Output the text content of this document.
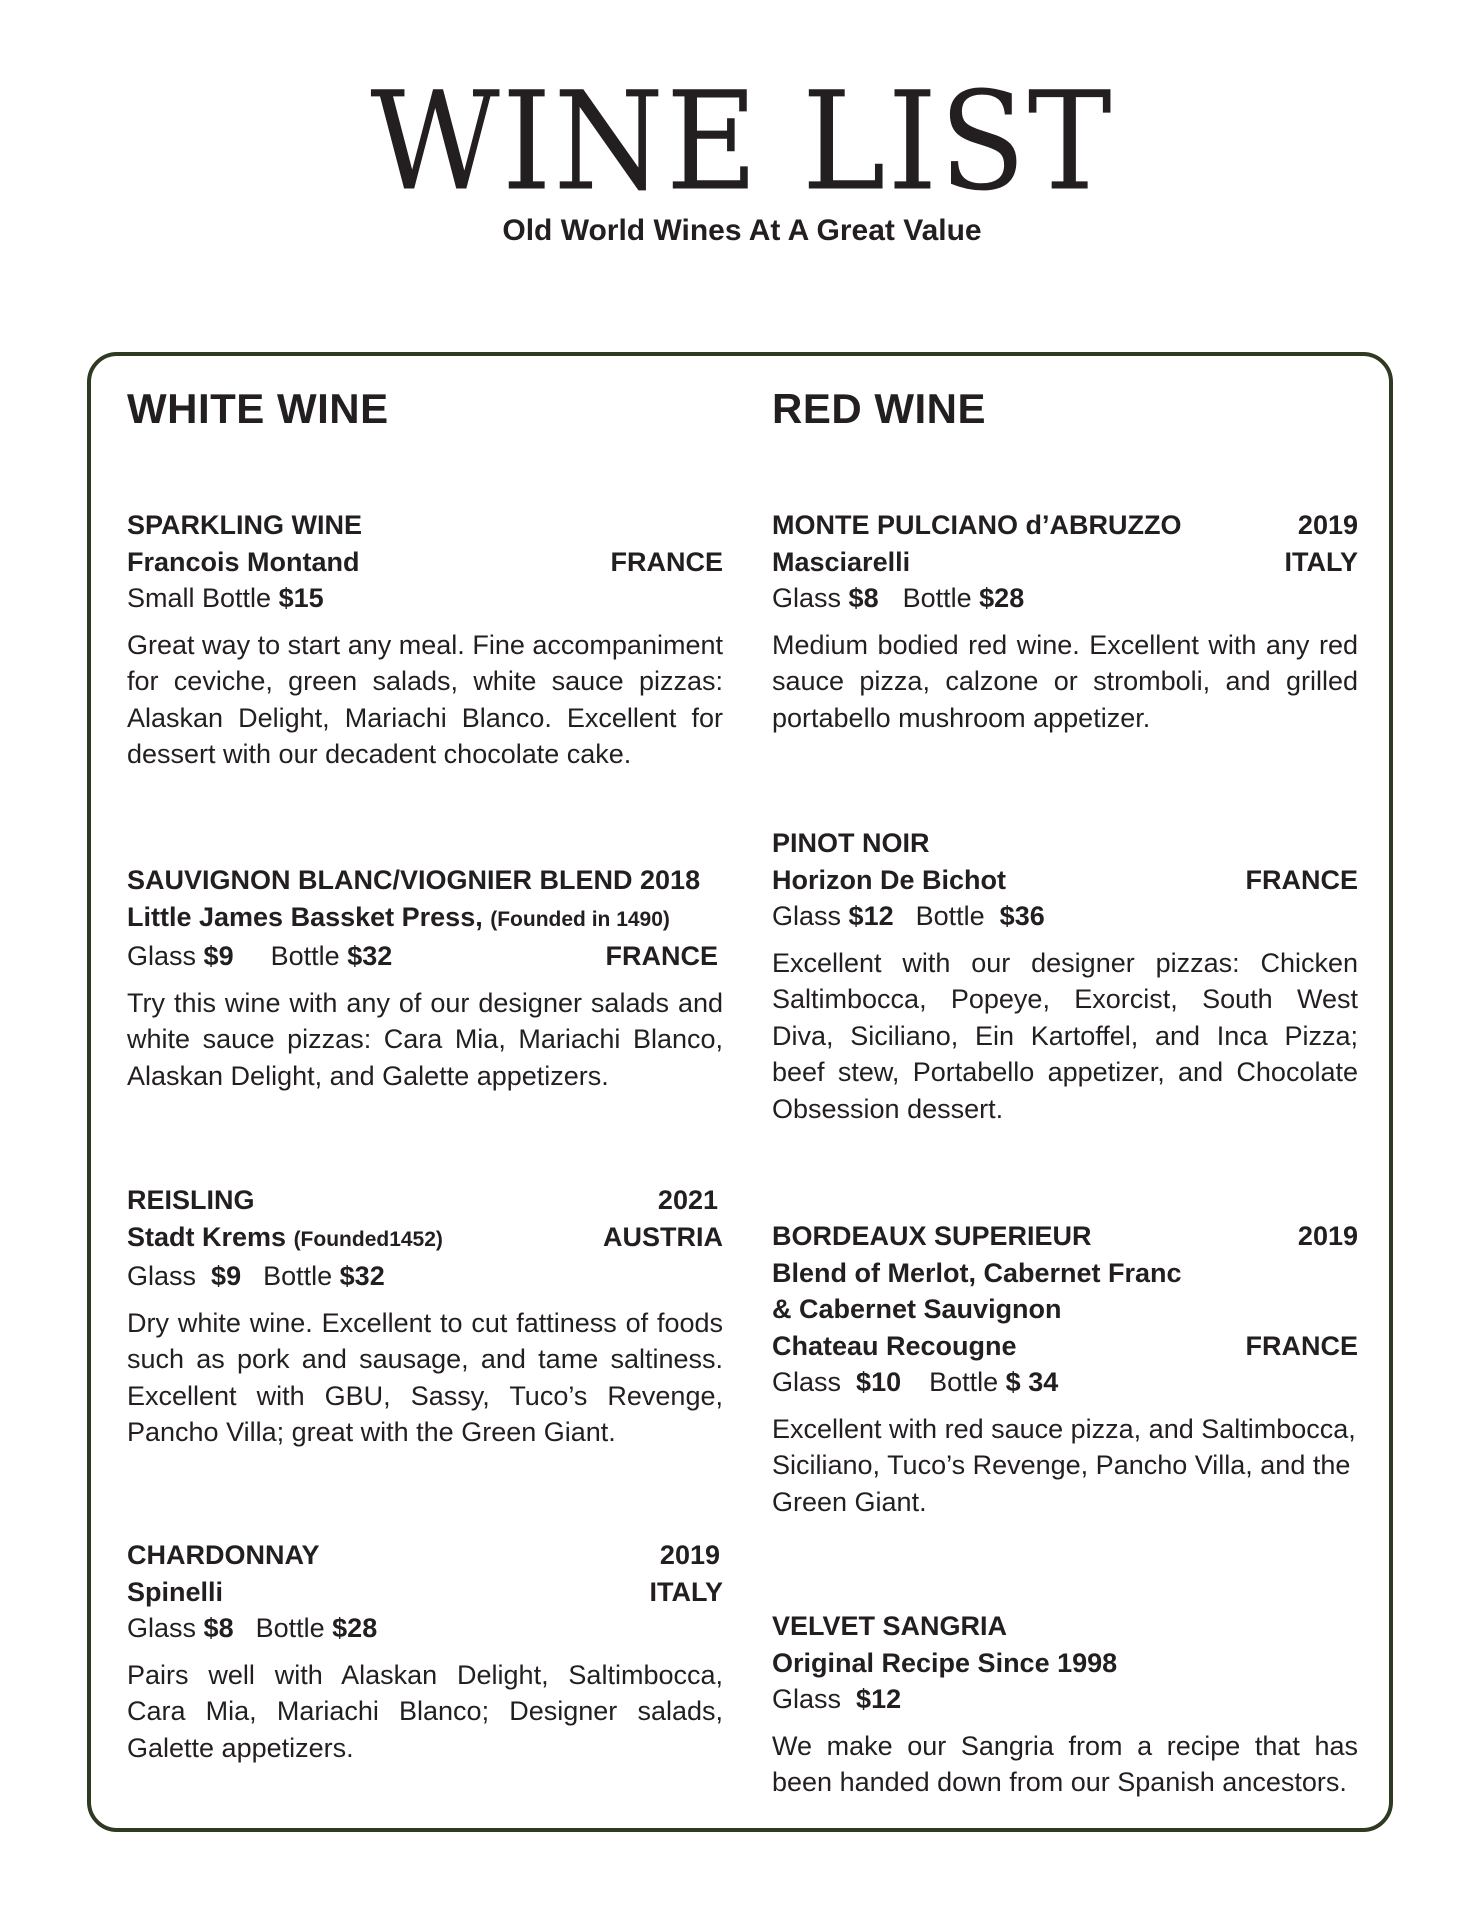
WINE LIST
Old World Wines At A Great Value
WHITE WINE	RED WINE
SPARKLING WINE
Francois Montand	FRANCE
Small Bottle
$15
Great way to start any meal. Fine accompaniment for ceviche, green salads, white sauce pizzas: Alaskan Delight, Mariachi Blanco. Excellent for dessert with our decadent chocolate cake.
SAUVIGNON BLANC/VIOGNIER BLEND 2018
Little James Bassket Press,
(Founded in 1490)
Glass $9 Bottle $32	FRANCE
Try this wine with any of our designer salads and white sauce pizzas: Cara Mia, Mariachi Blanco, Alaskan Delight, and Galette appetizers.
REISLING	2021
Stadt Krems (Founded1452)	AUSTRIA
Glass
$9 Bottle
$32
Dry white wine. Excellent to cut fattiness of foods such as pork and sausage, and tame saltiness. Excellent with GBU, Sassy, Tuco’s Revenge, Pancho Villa; great with the Green Giant.
CHARDONNAY	2019
Spinelli	ITALY
Glass
$8 Bottle
$28
Pairs well with Alaskan Delight, Saltimbocca, Cara Mia, Mariachi Blanco; Designer salads, Galette appetizers.
MONTE PULCIANO d’ABRUZZO	2019
Masciarelli	ITALY
Glass
$8 Bottle
$28
Medium bodied red wine. Excellent with any red sauce pizza, calzone or stromboli, and grilled portabello mushroom appetizer.
PINOT NOIR
Horizon De Bichot	FRANCE
Glass
$12 Bottle
$36
Excellent with our designer pizzas: Chicken Saltimbocca, Popeye, Exorcist, South West Diva, Siciliano, Ein Kartoffel, and Inca Pizza; beef stew, Portabello appetizer, and Chocolate Obsession dessert.
BORDEAUX SUPERIEUR	2019
Blend of Merlot, Cabernet Franc
& Cabernet Sauvignon
Chateau Recougne	FRANCE
Glass
$10 Bottle
$ 34
Excellent with red sauce pizza, and Saltimbocca, Siciliano, Tuco’s Revenge, Pancho Villa, and the Green Giant.
VELVET SANGRIA
Original Recipe Since 1998
Glass
$12
We make our Sangria from a recipe that has been handed down from our Spanish ancestors.
